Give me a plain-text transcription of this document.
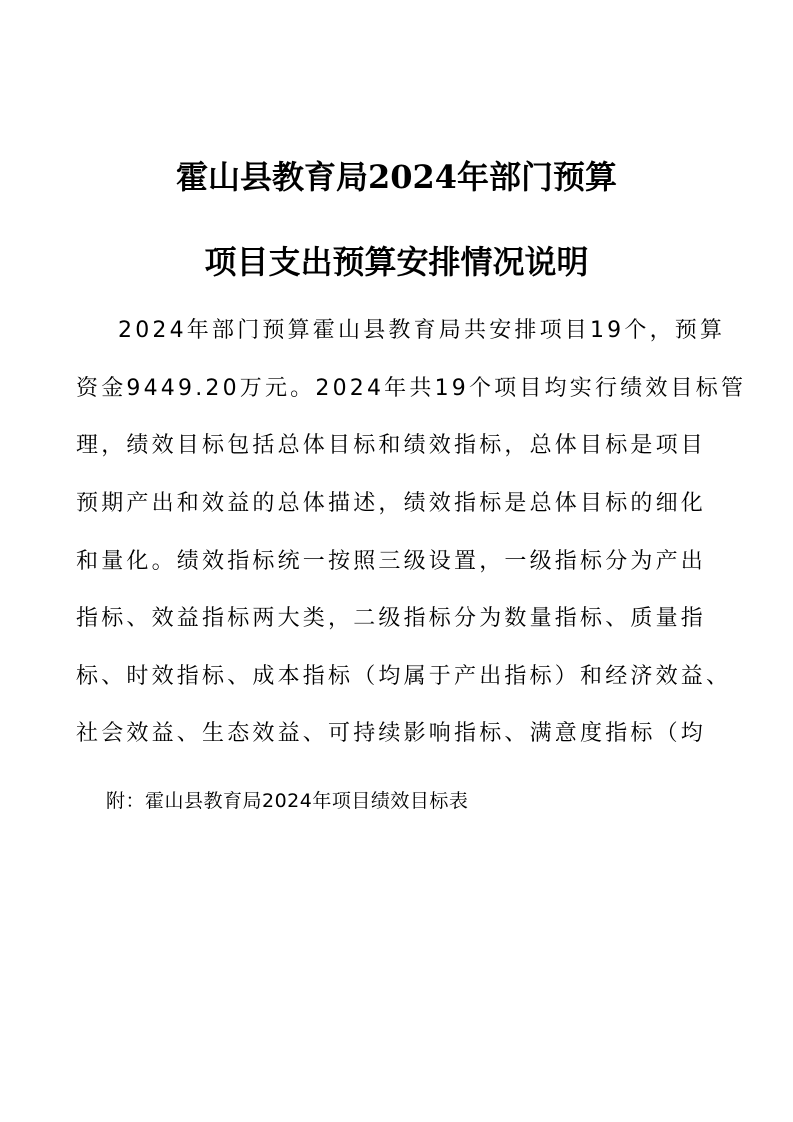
霍山县教育局2024年部门预算
项目支出预算安排情况说明
2024年部门预算霍山县教育局共安排项目19个，预算
资金9449.20万元。2024年共19个项目均实行绩效目标管
理，绩效目标包括总体目标和绩效指标，总体目标是项目
预期产出和效益的总体描述，绩效指标是总体目标的细化
和量化。绩效指标统一按照三级设置，一级指标分为产出
指标、效益指标两大类，二级指标分为数量指标、质量指
标、时效指标、成本指标（均属于产出指标）和经济效益、
社会效益、生态效益、可持续影响指标、满意度指标（均
附：霍山县教育局2024年项目绩效目标表
